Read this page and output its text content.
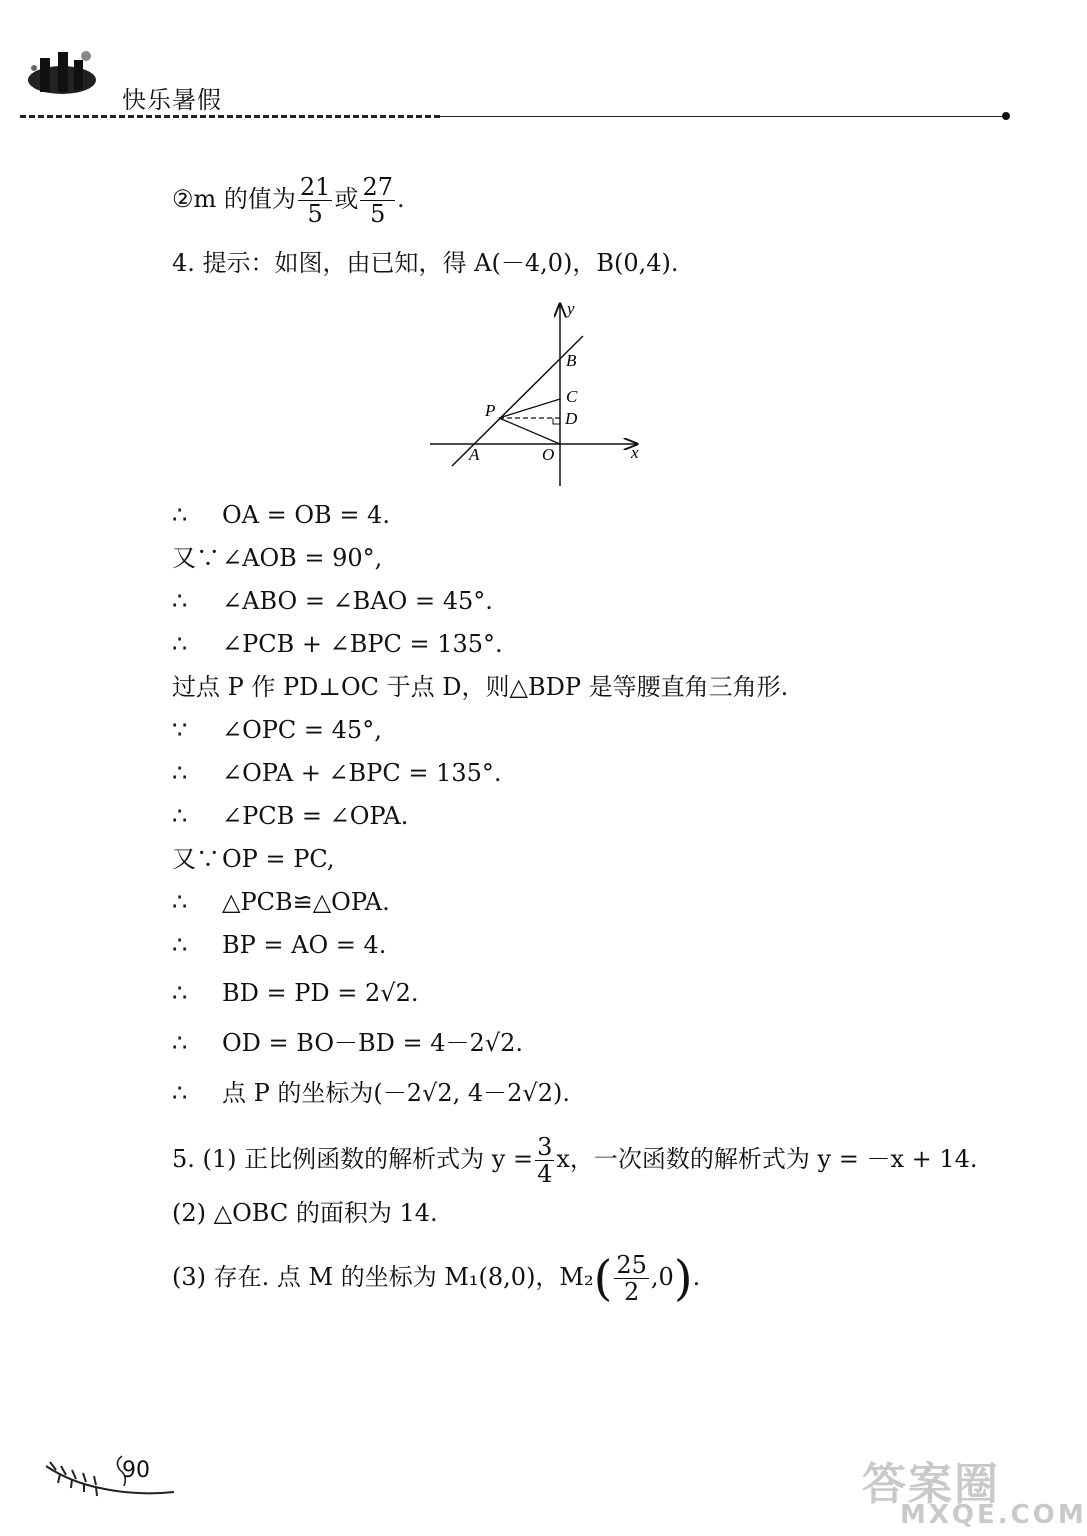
快乐暑假
②m 的值为 $\frac{21}{5}$ 或 $\frac{27}{5}$ .
4. 提示：如图，由已知，得 A(－4,0)，B(0,4).
y
x
B
C
D
P
A	O
∴ OA = OB = 4.
又∵∠AOB = 90°,
∴ ∠ABO = ∠BAO = 45°.
∴ ∠PCB + ∠BPC = 135°.
过点 P 作 PD⊥OC 于点 D，则△BDP 是等腰直角三角形.
∵ ∠OPC = 45°,
∴ ∠OPA + ∠BPC = 135°.
∴ ∠PCB = ∠OPA.
又∵OP = PC,
∴ △PCB≌△OPA.
∴ BP = AO = 4.
∴ BD = PD = 2√2.
∴ OD = BO－BD = 4－2√2.
∴ 点 P 的坐标为(－2√2, 4－2√2).
5. (1) 正比例函数的解析式为 $y = \frac{3}{4}$ x，一次函数的解析式为 y = －x + 14.
(2) △OBC 的面积为 14.
(3) 存在. 点 M 的坐标为 M₁(8,0)，$M_2( \frac{25}{2} ,0)$.
90	答案圈
MXQE.COM
